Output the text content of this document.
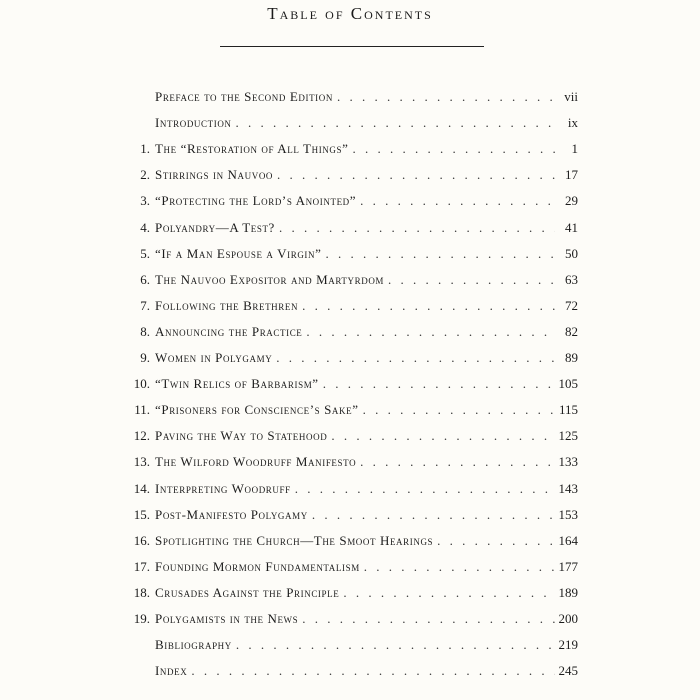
Table of Contents
Preface to the Second Edition . . .	vii
Introduction . . .	ix
1. The “Restoration of All Things” . . .	1
2. Stirrings in Nauvoo . . .	17
3. “Protecting the Lord’s Anointed” . . .	29
4. Polyandry—A Test? . . .	41
5. “If a Man Espouse a Virgin” . . .	50
6. The Nauvoo Expositor and Martyrdom . . .	63
7. Following the Brethren . . .	72
8. Announcing the Practice . . .	82
9. Women in Polygamy . . .	89
10. “Twin Relics of Barbarism” . . .	105
11. “Prisoners for Conscience’s Sake” . . .	115
12. Paving the Way to Statehood . . .	125
13. The Wilford Woodruff Manifesto . . .	133
14. Interpreting Woodruff . . .	143
15. Post-Manifesto Polygamy . . .	153
16. Spotlighting the Church—The Smoot Hearings . . .	164
17. Founding Mormon Fundamentalism . . .	177
18. Crusades Against the Principle . . .	189
19. Polygamists in the News . . .	200
Bibliography . . .	219
Index . . .	245
